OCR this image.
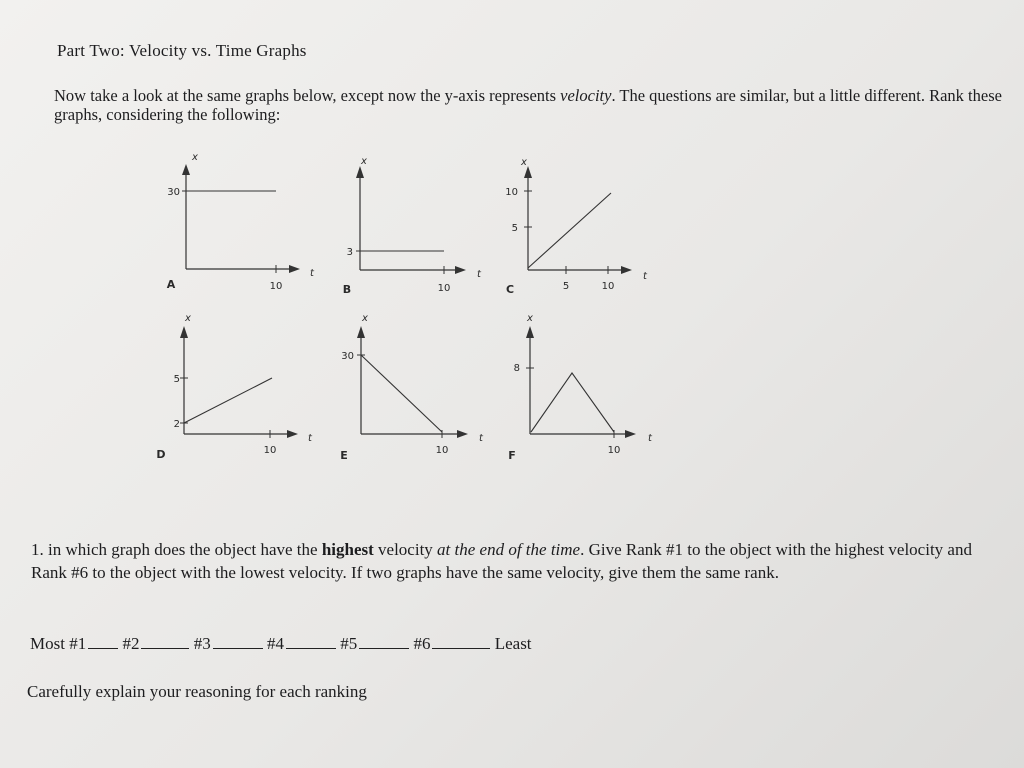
Part Two: Velocity vs. Time Graphs
Now take a look at the same graphs below, except now the y-axis represents velocity. The questions are similar, but a little different. Rank these graphs, considering the following:
x
t
30
10
A
x
t
3
10
B
x
t
10
5
5	10
C
x
t
5
2
10
D
x
t
30
10
E
x
t
8
10
F
1. in which graph does the object have the highest velocity at the end of the time. Give Rank #1 to the object with the highest velocity and Rank #6 to the object with the lowest velocity. If two graphs have the same velocity, give them the same rank.
Most #1 #2	#3	#4	#5	#6	Least
Carefully explain your reasoning for each ranking
